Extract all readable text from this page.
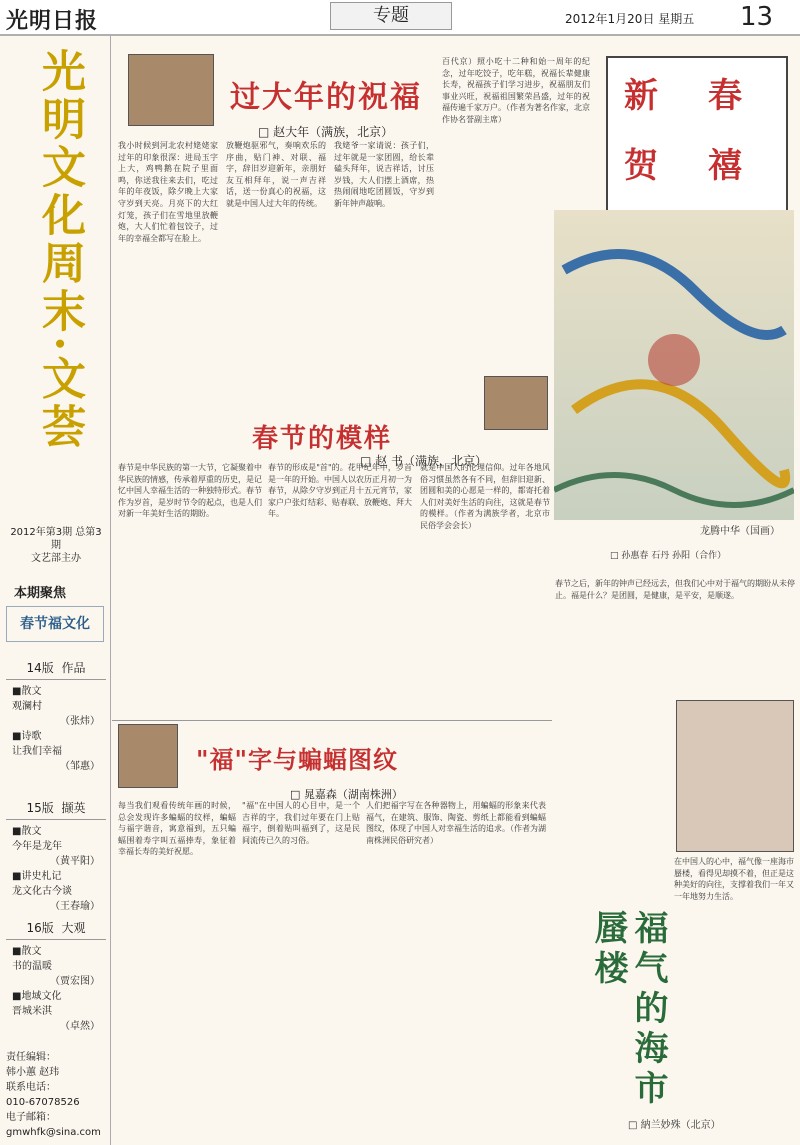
光明日报	专题	2012年1月20日 星期五 13
光明文化周末·文荟
2012年第3期 总第3期
文艺部主办
本期聚焦
春节福文化
14版
作品
■散文
观澜村
（张炜）
■诗歌
让我们幸福
（邹惠）
15版
撷英
■散文
今年是龙年
（黄平阳）
■讲史札记
龙文化古今谈
（王春瑜）
16版
大观
■散文
书的温暖
（贾宏图）
■地域文化
晋城米淇
（卓然）
责任编辑：
韩小蕙 赵玮
联系电话：
010-67078526
电子邮箱：
gmwhfk@sina.com
过大年的祝福
□ 赵大年（满族，北京）
我小时候到河北农村姥姥家过年的印象很深：进局玉字上大，鸡鸭鹅在院子里面鸣，你送我往来去们，吃过年的年夜饭，除夕晚上大家守岁到天亮。月亮下的大红灯笼，孩子们在雪地里放鞭炮，大人们忙着包饺子，过年的幸福全都写在脸上。
放鞭炮驱邪气，奏响欢乐的序曲，贴门神、对联、福字，辞旧岁迎新年，亲朋好友互相拜年，说一声吉祥话，送一份真心的祝福，这就是中国人过大年的传统。
我姥爷一家请说：孩子们，过年就是一家团圆，给长辈磕头拜年，说吉祥话，讨压岁钱，大人们摆上酒席，热热闹闹地吃团圆饭，守岁到新年钟声敲响。
百代京）照小吃十二种和始一周年的纪念，过年吃饺子，吃年糕，祝福长辈健康长寿，祝福孩子们学习进步，祝福朋友们事业兴旺，祝福祖国繁荣昌盛，过年的祝福传遍千家万户。（作者为著名作家，北京作协名誉副主席）
新 春
贺 禧
龙腾中华（国画）
□ 孙惠春 石丹 孙阳（合作）
春节的模样
□ 赵 书（满族，北京）
春节是中华民族的第一大节，它凝聚着中华民族的情感，传承着厚重的历史，是记忆中国人幸福生活的一种独特形式。春节作为岁首，是岁时节令的起点，也是人们对新一年美好生活的期盼。
春节的形成是"首"的。花甲纪年中，岁首是一年的开始。中国人以农历正月初一为春节，从除夕守岁到正月十五元宵节，家家户户张灯结彩、贴春联、放鞭炮、拜大年。
就是中国人的伦理信仰。过年各地风俗习惯虽然各有不同，但辞旧迎新、团圆和美的心愿是一样的，都寄托着人们对美好生活的向往，这就是春节的模样。（作者为满族学者，北京市民俗学会会长）
"福"字与蝙蝠图纹
□ 晁嘉森（湖南株洲）
每当我们观看传统年画的时候，总会发现许多蝙蝠的纹样，蝙蝠与福字谐音，寓意福到，五只蝙蝠围着寿字叫五福捧寿，象征着幸福长寿的美好祝愿。
"福"在中国人的心目中，是一个吉祥的字，我们过年要在门上贴福字，倒着贴叫福到了，这是民间流传已久的习俗。
人们把福字写在各种器物上，用蝙蝠的形象来代表福气，在建筑、服饰、陶瓷、剪纸上都能看到蝙蝠图纹，体现了中国人对幸福生活的追求。（作者为湖南株洲民俗研究者）
春节之后，新年的钟声已经远去，但我们心中对于福气的期盼从未停止。福是什么？是团圆，是健康，是平安，是顺遂。
福气的海市蜃楼
□ 納兰妙殊（北京）
在中国人的心中，福气像一座海市蜃楼，看得见却摸不着，但正是这种美好的向往，支撑着我们一年又一年地努力生活。
